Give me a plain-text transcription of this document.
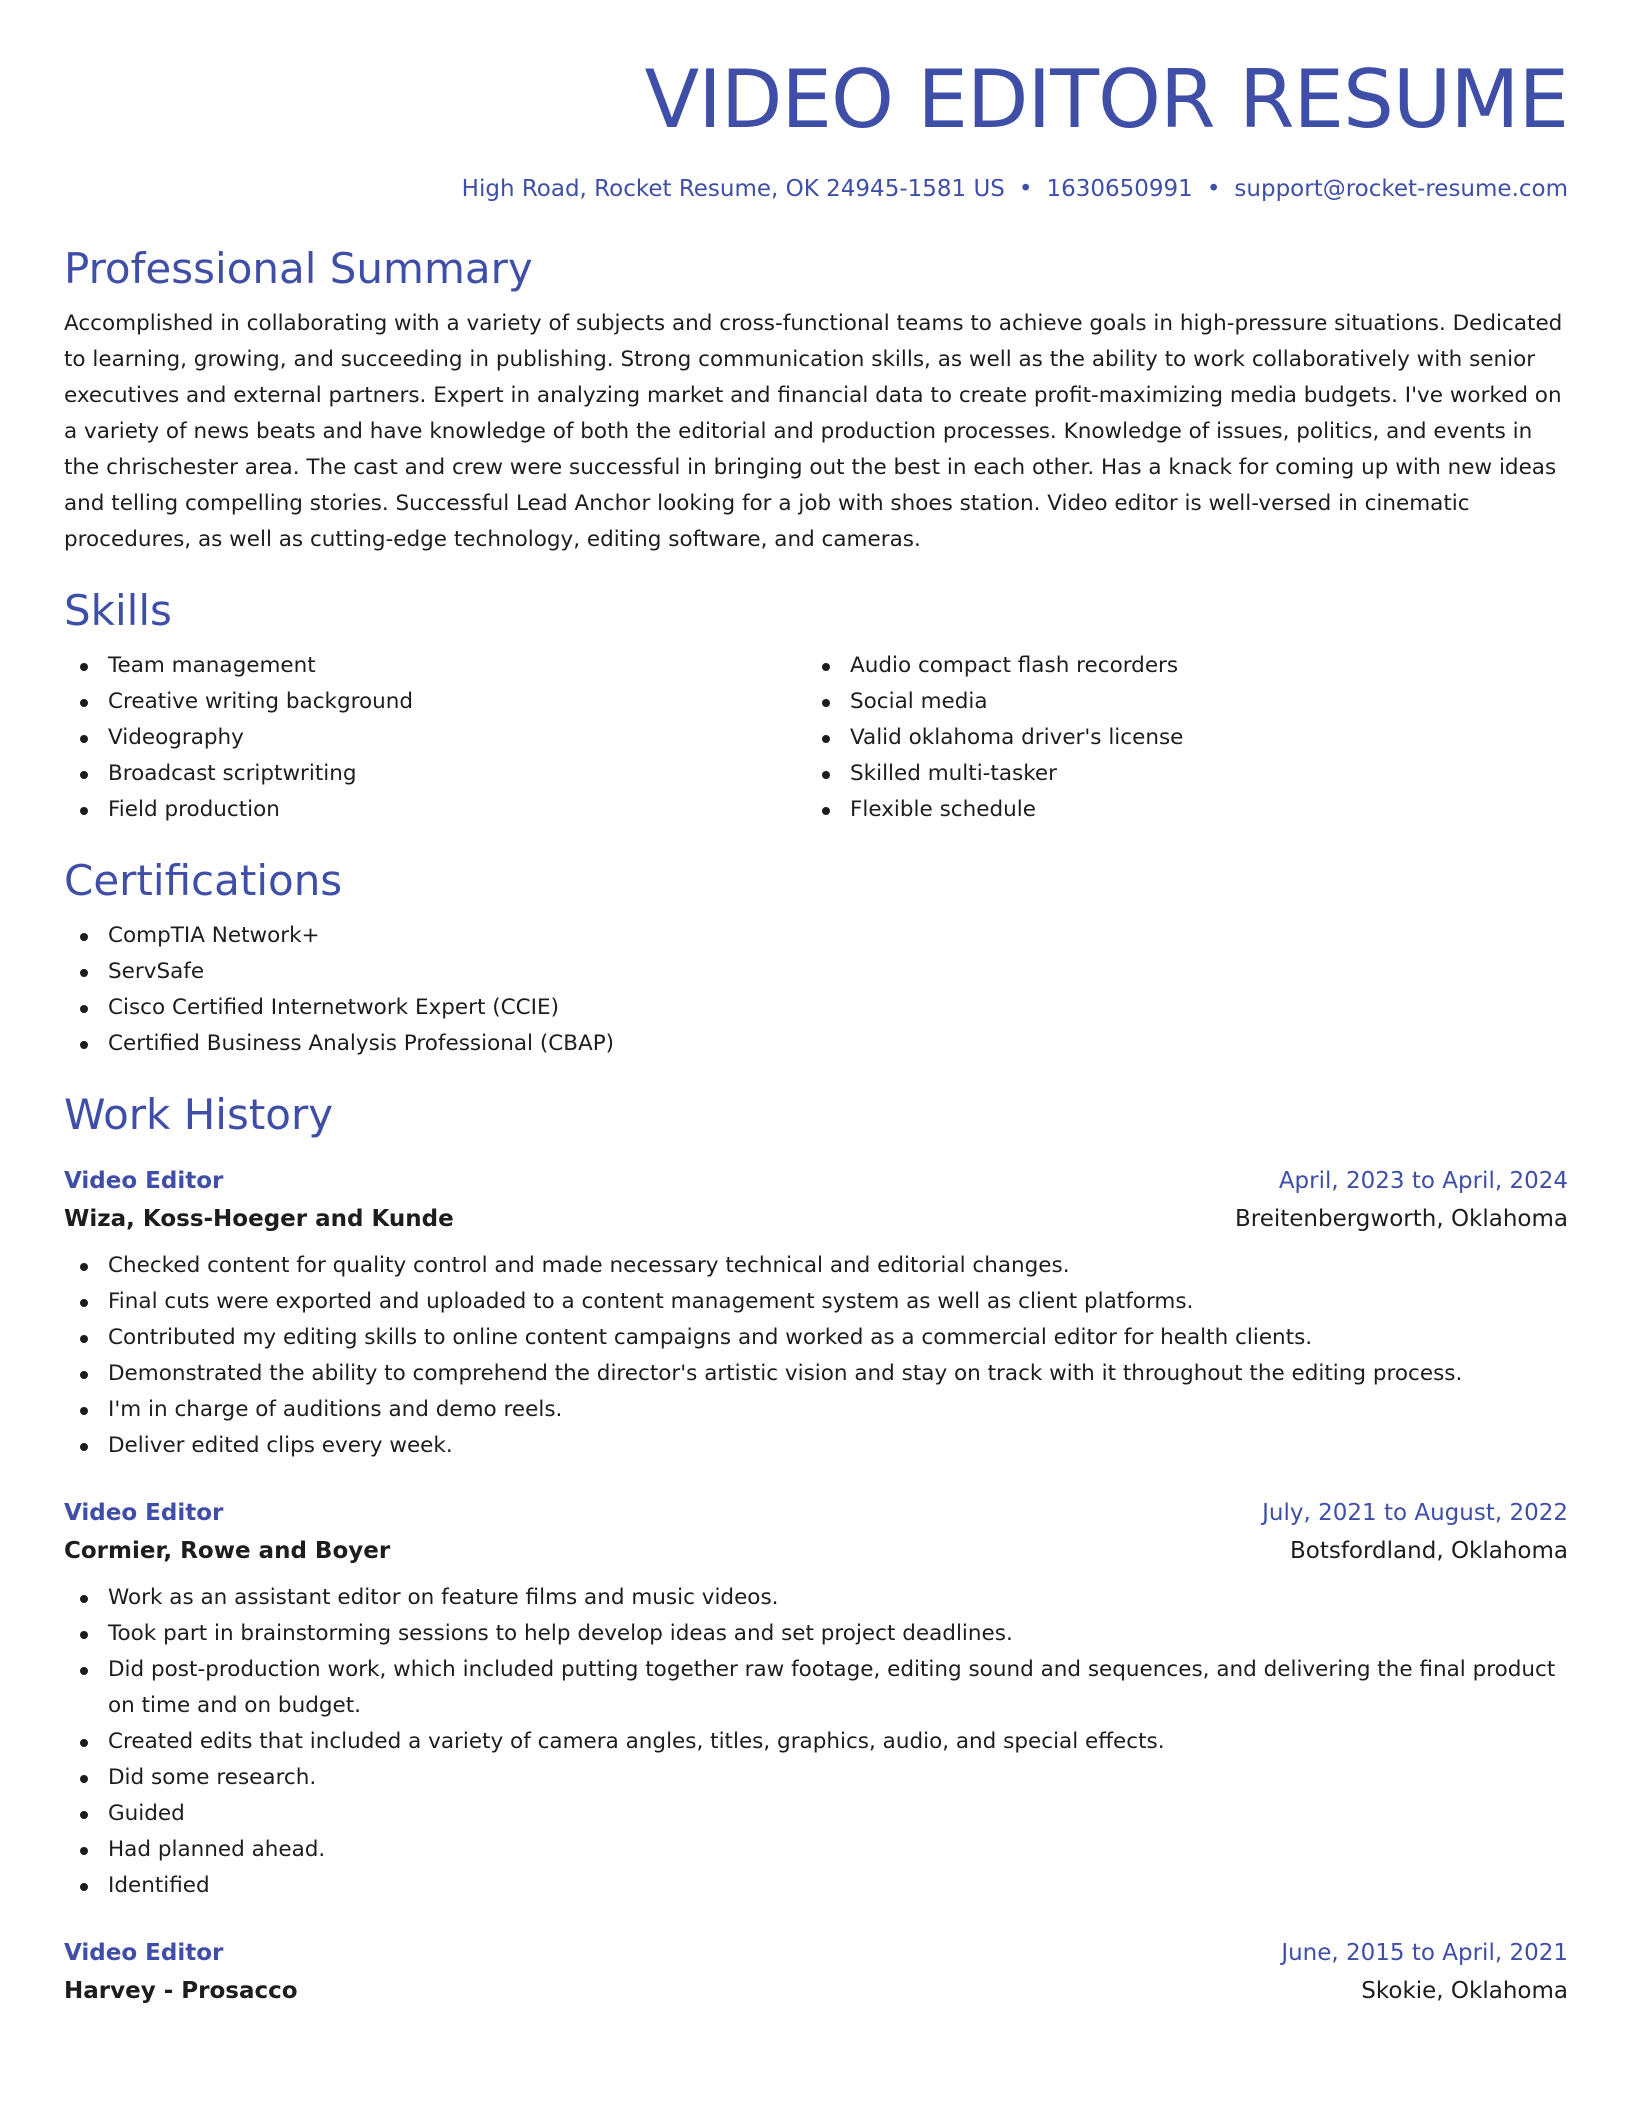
VIDEO EDITOR RESUME
High Road, Rocket Resume, OK 24945-1581 US • 1630650991 • support@rocket-resume.com
Professional Summary

Accomplished in collaborating with a variety of subjects and cross-functional teams to achieve goals in high-pressure situations. Dedicated to learning, growing, and succeeding in publishing. Strong communication skills, as well as the ability to work collaboratively with senior executives and external partners. Expert in analyzing market and financial data to create profit-maximizing media budgets. I've worked on a variety of news beats and have knowledge of both the editorial and production processes. Knowledge of issues, politics, and events in the chrischester area. The cast and crew were successful in bringing out the best in each other. Has a knack for coming up with new ideas and telling compelling stories. Successful Lead Anchor looking for a job with shoes station. Video editor is well-versed in cinematic procedures, as well as cutting-edge technology, editing software, and cameras.

Skills
Team management
Creative writing background
Videography
Broadcast scriptwriting
Field production
Audio compact flash recorders
Social media
Valid oklahoma driver's license
Skilled multi-tasker
Flexible schedule
Certifications
CompTIA Network+
ServSafe
Cisco Certified Internetwork Expert (CCIE)
Certified Business Analysis Professional (CBAP)
Work History
Video Editor	April, 2023 to April, 2024
Wiza, Koss-Hoeger and Kunde	Breitenbergworth, Oklahoma
Checked content for quality control and made necessary technical and editorial changes.
Final cuts were exported and uploaded to a content management system as well as client platforms.
Contributed my editing skills to online content campaigns and worked as a commercial editor for health clients.
Demonstrated the ability to comprehend the director's artistic vision and stay on track with it throughout the editing process.
I'm in charge of auditions and demo reels.
Deliver edited clips every week.
Video Editor	July, 2021 to August, 2022
Cormier, Rowe and Boyer	Botsfordland, Oklahoma
Work as an assistant editor on feature films and music videos.
Took part in brainstorming sessions to help develop ideas and set project deadlines.
Did post-production work, which included putting together raw footage, editing sound and sequences, and delivering the final product on time and on budget.
Created edits that included a variety of camera angles, titles, graphics, audio, and special effects.
Did some research.
Guided
Had planned ahead.
Identified
Video Editor	June, 2015 to April, 2021
Harvey - Prosacco	Skokie, Oklahoma
